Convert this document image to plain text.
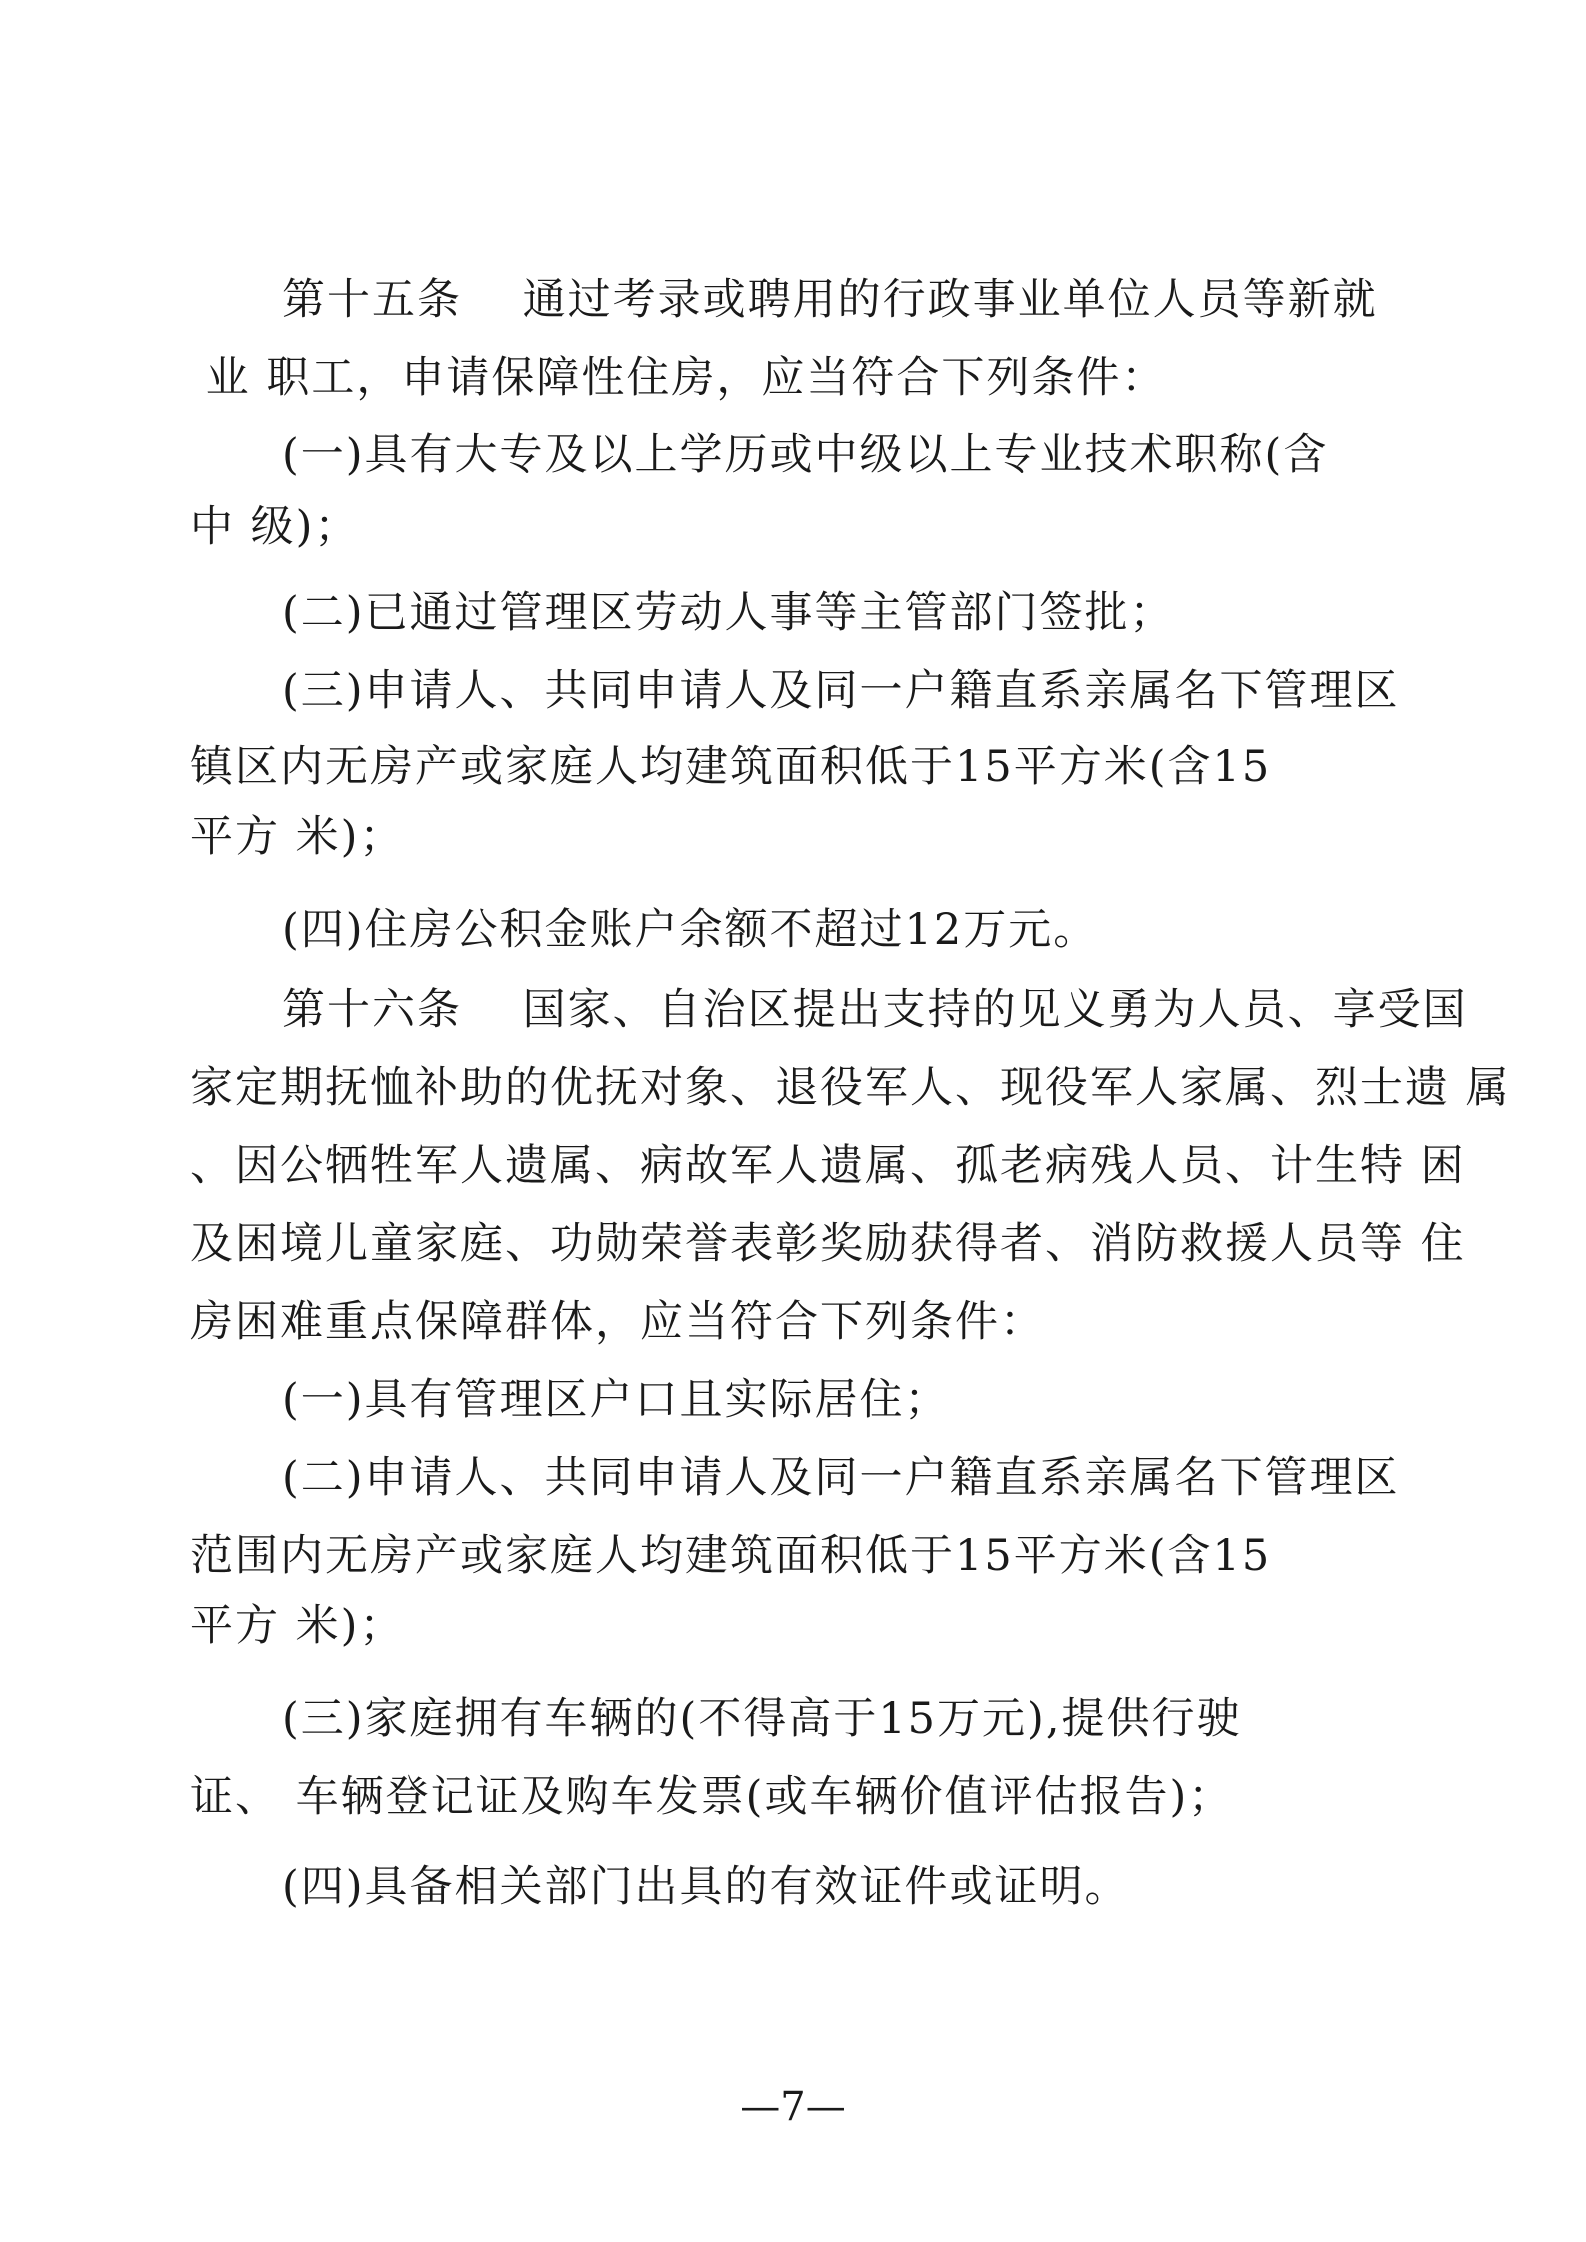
第十五条　 通过考录或聘用的行政事业单位人员等新就
业 职工，申请保障性住房，应当符合下列条件：
(一)具有大专及以上学历或中级以上专业技术职称(含
中 级)；
(二)已通过管理区劳动人事等主管部门签批；
(三)申请人、共同申请人及同一户籍直系亲属名下管理区
镇区内无房产或家庭人均建筑面积低于15平方米(含15
平方 米)；
(四)住房公积金账户余额不超过12万元。
第十六条　 国家、自治区提出支持的见义勇为人员、享受国
家定期抚恤补助的优抚对象、退役军人、现役军人家属、烈士遗 属
、因公牺牲军人遗属、病故军人遗属、孤老病残人员、计生特 困
及困境儿童家庭、功勋荣誉表彰奖励获得者、消防救援人员等 住
房困难重点保障群体，应当符合下列条件：
(一)具有管理区户口且实际居住；
(二)申请人、共同申请人及同一户籍直系亲属名下管理区
范围内无房产或家庭人均建筑面积低于15平方米(含15
平方 米)；
(三)家庭拥有车辆的(不得高于15万元),提供行驶
证、 车辆登记证及购车发票(或车辆价值评估报告)；
(四)具备相关部门出具的有效证件或证明。
—7—
